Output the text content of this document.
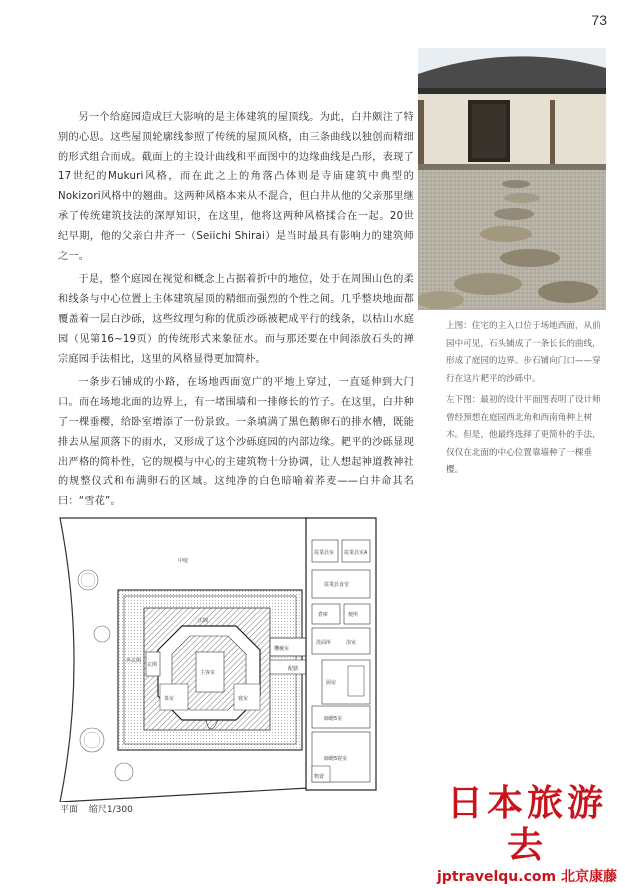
73

另一个给庭园造成巨大影响的是主体建筑的屋顶线。为此，白井颇注了特别的心思。这些屋顶轮廓线参照了传统的屋顶风格，由三条曲线以独创而精细的形式组合而成。截面上的主设计曲线和平面图中的边缘曲线是凸形，表现了17世纪的Mukuri风格，而在此之上的角落凸体则是寺庙建筑中典型的Nokizori风格中的翘曲。这两种风格本来从不混合，但白井从他的父亲那里继承了传统建筑技法的深厚知识，在这里，他将这两种风格揉合在一起。20世纪早期，他的父亲白井齐一（Seiichi Shirai）是当时最具有影响力的建筑师之一。

于是，整个庭园在视觉和概念上占据着折中的地位，处于在周围山色的柔和线条与中心位置上主体建筑屋顶的精细而强烈的个性之间。几乎整块地面都覆盖着一层白沙砾，这些纹理匀称的优质沙砾被耙成平行的线条，以枯山水庭园（见第16~19页）的传统形式来象征水。而与那还要在中间添放石头的禅宗庭园手法相比，这里的风格显得更加简朴。

一条步石铺成的小路，在场地西面宽广的平地上穿过，一直延伸到大门口。而在场地北面的边界上，有一堵围墙和一排修长的竹子。在这里，白井种了一棵垂樱，给卧室增添了一份景致。一条填满了黑色鹅卵石的排水槽，既能排去从屋顶落下的雨水，又形成了这个沙砾庭园的内部边缘。耙平的沙砾显现出严格的简朴性，它的规模与中心的主建筑物十分协调，让人想起神道教神社的规整仪式和布满卵石的区域。这纯净的白色暗喻着荞麦——白井命其名曰：“雪花”。

上图：住宅的主入口位于场地西面，从前园中可见，石头铺成了一条长长的曲线，形成了庭园的边界。步石铺向门口——穿行在这片耙平的沙砾中。

左下图：最初的设计平面图表明了设计师曾经预想在庭园西北角和西南角种上树木。但是，他最终选择了更简朴的手法，仅仅在北面的中心位置靠墙种了一棵垂樱。

中庭
従業員室 従業員室A
従業員食堂
倉庫	便所
洗面所	浴室
厨房
機械室
配膳
師範5室
師範5寝室
物置
広間
主客室
茶室	寝室
玄関
外玄関
平面 缩尺1/300	日本旅游去
jptravelqu.com 北京康藤
